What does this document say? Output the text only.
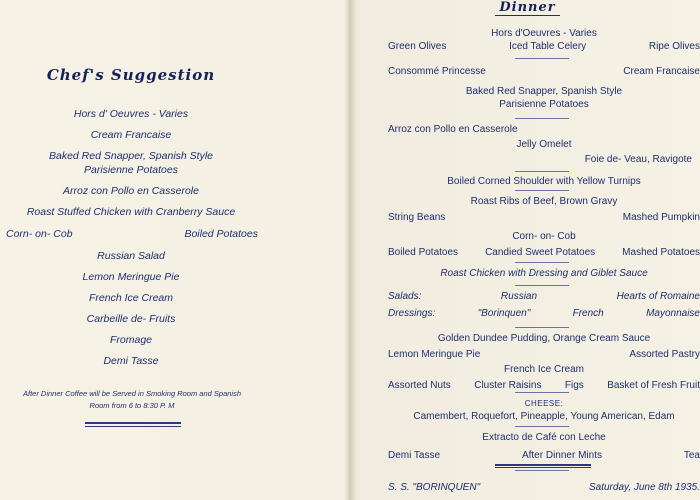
Chef's Suggestion
Hors d' Oeuvres - Varies
Cream Francaise
Baked Red Snapper, Spanish Style
Parisienne Potatoes
Arroz con Pollo en Casserole
Roast Stuffed Chicken with Cranberry Sauce
Corn- on- Cob	Boiled Potatoes
Russian Salad
Lemon Meringue Pie
French Ice Cream
Carbeille de- Fruits
Fromage
Demi Tasse
After Dinner Coffee will be Served in Smoking Room and Spanish Room from 6 to 8:30 P. M
Dinner
Hors d'Oeuvres - Varies
Green Olives	Iced Table Celery	Ripe Olives
Consommé Princesse	Cream Francaise
Baked Red Snapper, Spanish Style
Parisienne Potatoes
Arroz con Pollo en Casserole
Jelly Omelet
Foie de- Veau, Ravigote
Boiled Corned Shoulder with Yellow Turnips
Roast Ribs of Beef, Brown Gravy
String Beans	Mashed Pumpkin
Corn- on- Cob
Boiled Potatoes	Candied Sweet Potatoes	Mashed Potatoes
Roast Chicken with Dressing and Giblet Sauce
Salads:	Russian	Hearts of Romaine
Dressings:	"Borinquen"	French	Mayonnaise
Golden Dundee Pudding, Orange Cream Sauce
Lemon Meringue Pie	Assorted Pastry
French Ice Cream
Assorted Nuts Cluster Raisins Figs Basket of Fresh Fruit
CHEESE:
Camembert, Roquefort, Pineapple, Young American, Edam
Extracto de Café con Leche
Demi Tasse	After Dinner Mints	Tea
S. S. "BORINQUEN"	Saturday, June 8th 1935.
